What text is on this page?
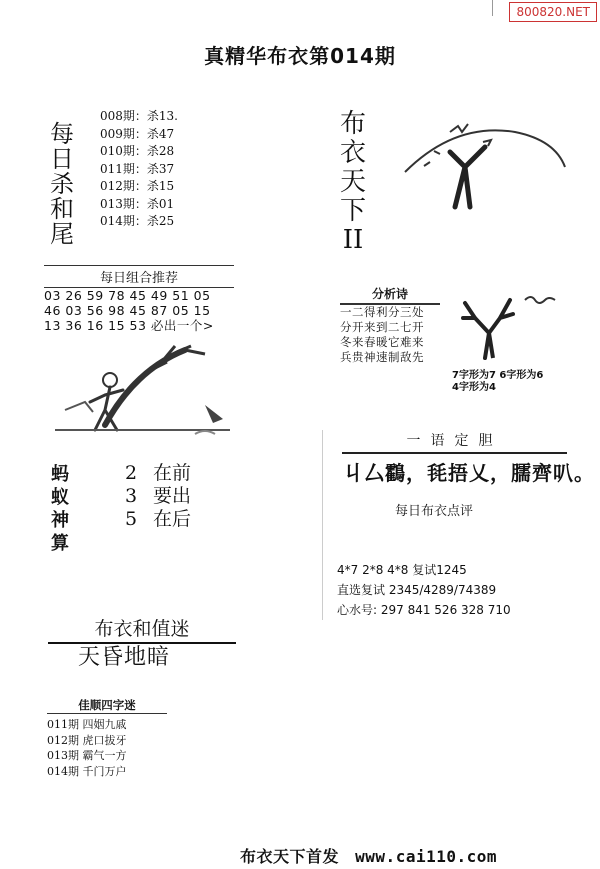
800820.NET
真精华布衣第014期
每
日
杀
和
尾
008期：杀13.
009期：杀47
010期：杀28
011期：杀37
012期：杀15
013期：杀01
014期：杀25
布
衣
天
下
II
每日组合推荐
03 26 59 78 45 49 51 05
46 03 56 98 45 87 05 15
13 36 16 15 53 必出一个>
分析诗
一二得利分三处
分开来到二七开
冬来春暖它难来
兵贵神速制敌先
7字形为7 6字形为6
4字形为4
一语定胆
丩厶鸖，㲎捂乂，臑齊叭。
每日布衣点评
4*7 2*8 4*8 复试1245
直选复试 2345/4289/74389
心水号: 297 841 526 328 710
蚂
蚁
神
算
2 在前
3 要出
5 在后
布衣和值迷
天昏地暗
佳顺四字迷
011期 四姻九戚
012期 虎口拔牙
013期 霸气一方
014期 千门万户
布衣天下首发 www.cai110.com
